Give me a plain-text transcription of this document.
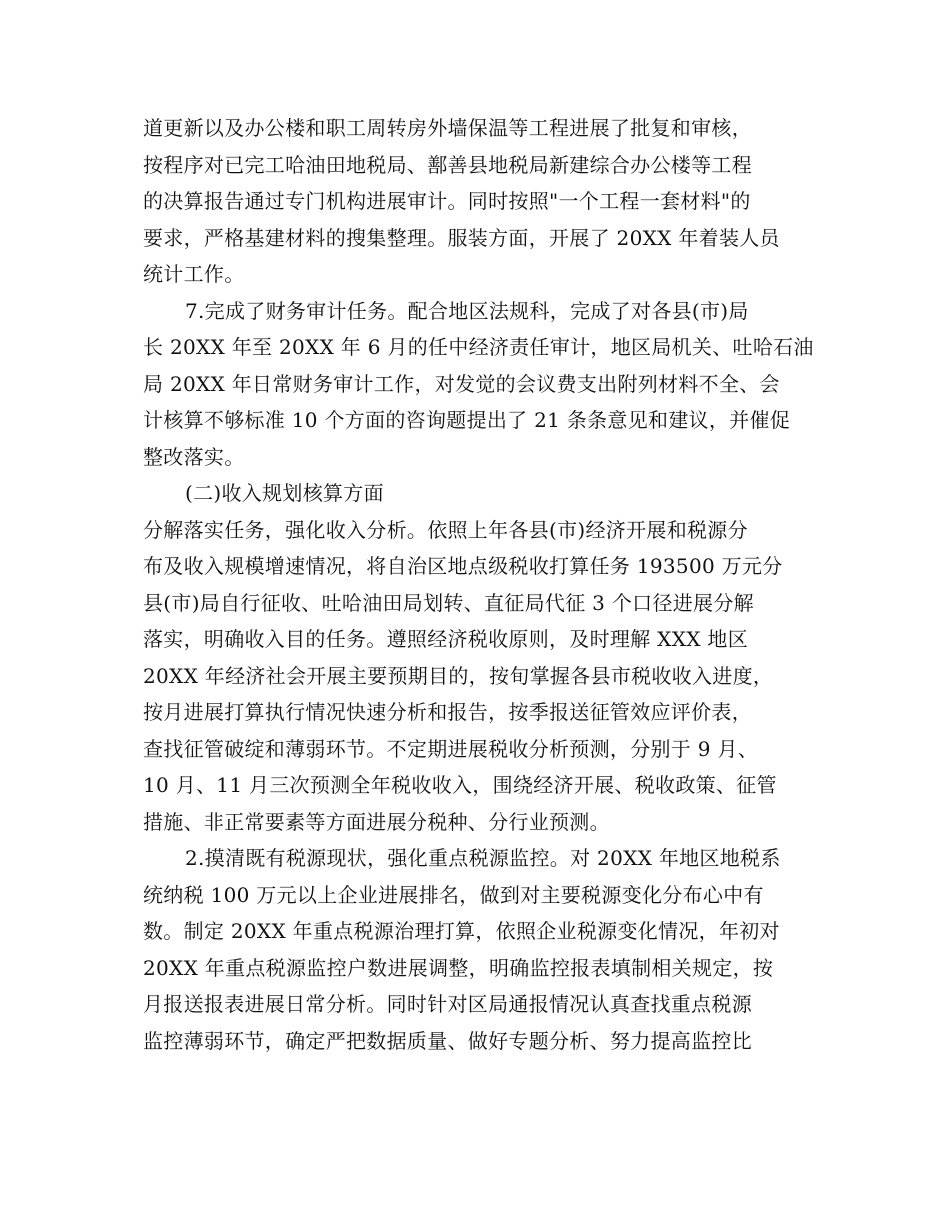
道更新以及办公楼和职工周转房外墙保温等工程进展了批复和审核，
按程序对已完工哈油田地税局、鄯善县地税局新建综合办公楼等工程
的决算报告通过专门机构进展审计。同时按照"一个工程一套材料"的
要求，严格基建材料的搜集整理。服装方面，开展了 20XX 年着装人员
统计工作。
7.完成了财务审计任务。配合地区法规科，完成了对各县(市)局
长 20XX 年至 20XX 年 6 月的任中经济责任审计，地区局机关、吐哈石油
局 20XX 年日常财务审计工作，对发觉的会议费支出附列材料不全、会
计核算不够标准 10 个方面的咨询题提出了 21 条条意见和建议，并催促
整改落实。
(二)收入规划核算方面
分解落实任务，强化收入分析。依照上年各县(市)经济开展和税源分
布及收入规模增速情况，将自治区地点级税收打算任务 193500 万元分
县(市)局自行征收、吐哈油田局划转、直征局代征 3 个口径进展分解
落实，明确收入目的任务。遵照经济税收原则，及时理解 XXX 地区
20XX 年经济社会开展主要预期目的，按旬掌握各县市税收收入进度，
按月进展打算执行情况快速分析和报告，按季报送征管效应评价表，
查找征管破绽和薄弱环节。不定期进展税收分析预测，分别于 9 月、
10 月、11 月三次预测全年税收收入，围绕经济开展、税收政策、征管
措施、非正常要素等方面进展分税种、分行业预测。
2.摸清既有税源现状，强化重点税源监控。对 20XX 年地区地税系
统纳税 100 万元以上企业进展排名，做到对主要税源变化分布心中有
数。制定 20XX 年重点税源治理打算，依照企业税源变化情况，年初对
20XX 年重点税源监控户数进展调整，明确监控报表填制相关规定，按
月报送报表进展日常分析。同时针对区局通报情况认真查找重点税源
监控薄弱环节，确定严把数据质量、做好专题分析、努力提高监控比
